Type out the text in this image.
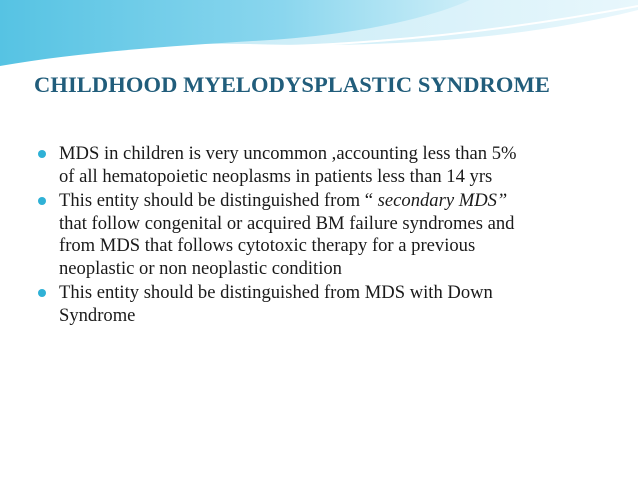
CHILDHOOD MYELODYSPLASTIC SYNDROME
MDS in children is very uncommon ,accounting less than 5%
of all hematopoietic neoplasms in patients less than 14 yrs
This entity should be distinguished from “ secondary MDS”
that follow congenital or acquired BM failure syndromes and
from MDS that follows cytotoxic therapy for a previous
neoplastic or non neoplastic condition
This entity should be distinguished from MDS with Down
Syndrome
